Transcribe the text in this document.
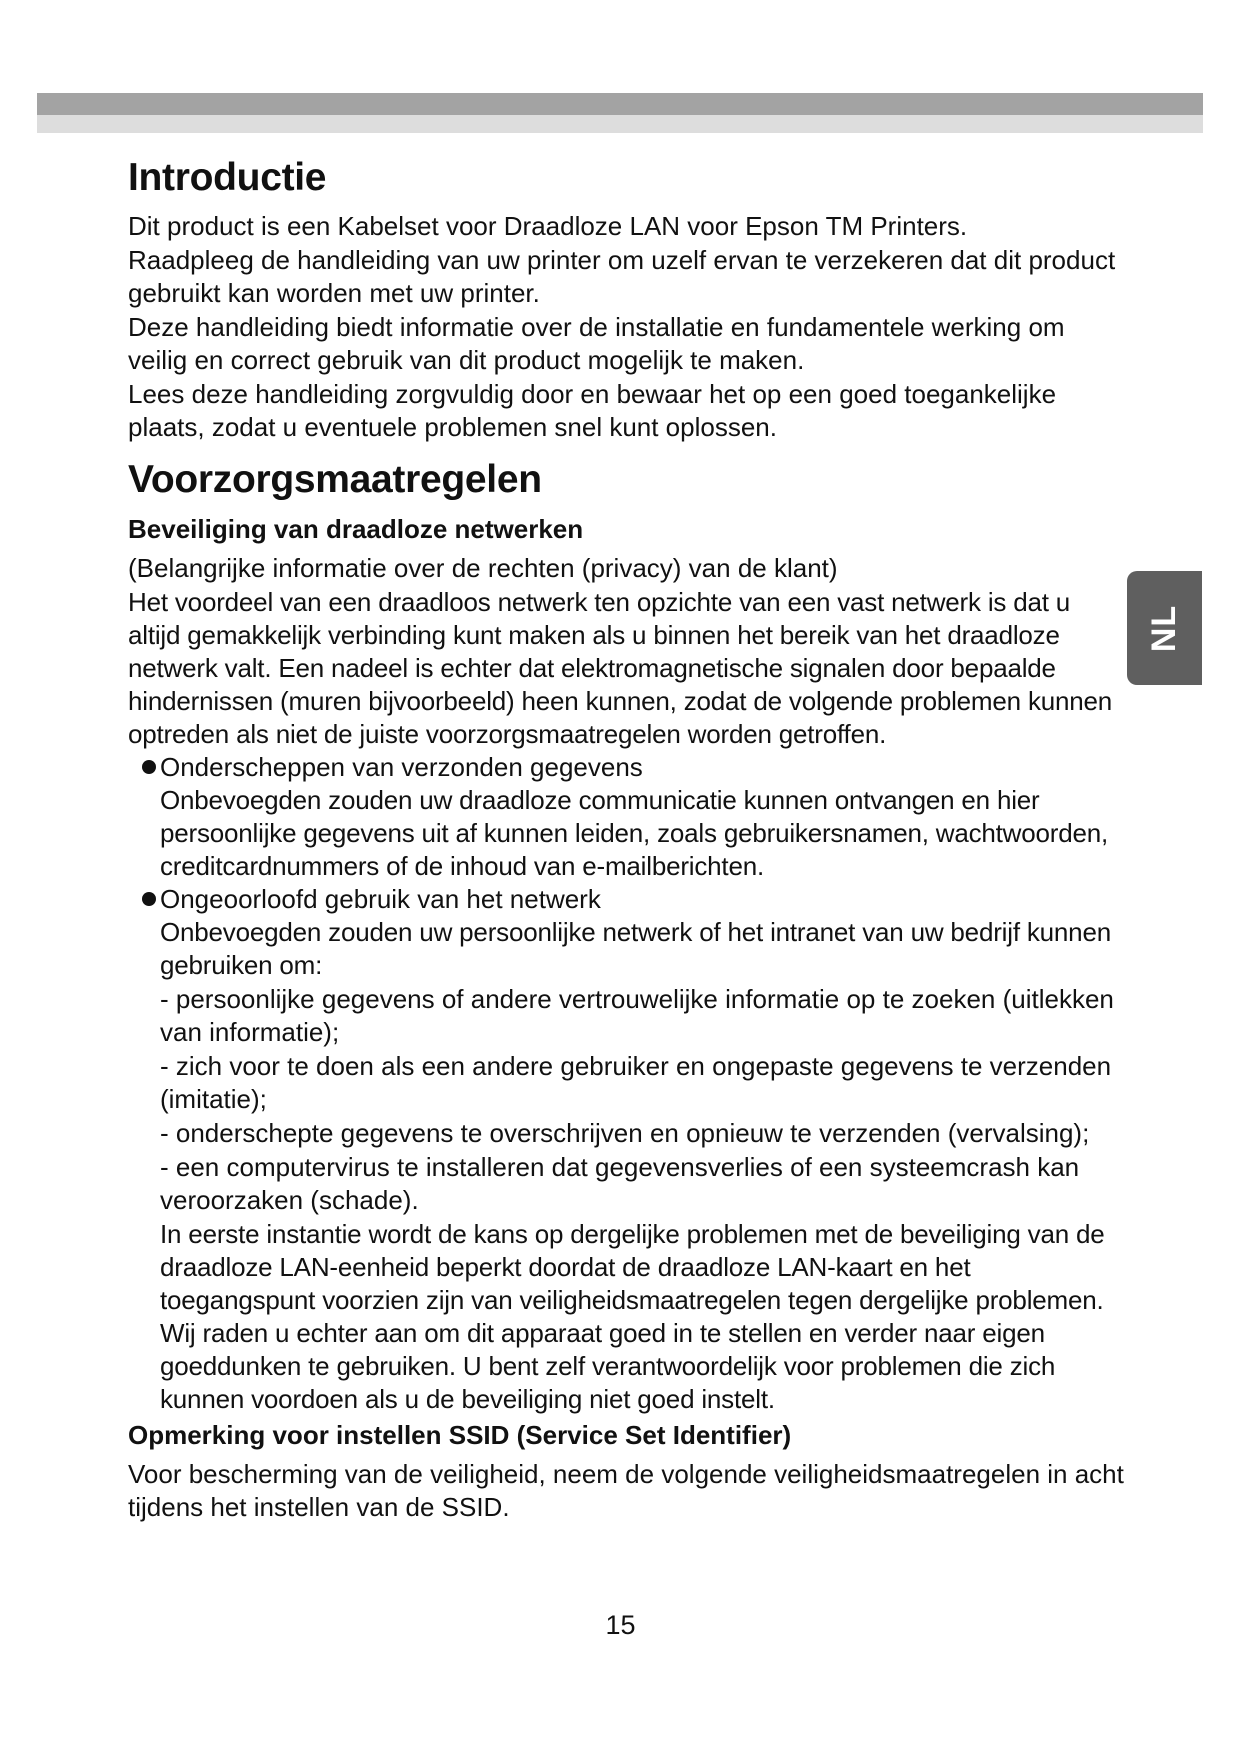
NL
Introductie

Dit product is een Kabelset voor Draadloze LAN voor Epson TM Printers.

Raadpleeg de handleiding van uw printer om uzelf ervan te verzekeren dat dit product gebruikt kan worden met uw printer.

Deze handleiding biedt informatie over de installatie en fundamentele werking om veilig en correct gebruik van dit product mogelijk te maken.

Lees deze handleiding zorgvuldig door en bewaar het op een goed toegankelijke plaats, zodat u eventuele problemen snel kunt oplossen.

Voorzorgsmaatregelen
Beveiliging van draadloze netwerken

(Belangrijke informatie over de rechten (privacy) van de klant)

Het voordeel van een draadloos netwerk ten opzichte van een vast netwerk is dat u altijd gemakkelijk verbinding kunt maken als u binnen het bereik van het draadloze netwerk valt. Een nadeel is echter dat elektromagnetische signalen door bepaalde hindernissen (muren bijvoorbeeld) heen kunnen, zodat de volgende problemen kunnen optreden als niet de juiste voorzorgsmaatregelen worden getroffen.

Onderscheppen van verzonden gegevens
Onbevoegden zouden uw draadloze communicatie kunnen ontvangen en hier persoonlijke gegevens uit af kunnen leiden, zoals gebruikersnamen, wachtwoorden, creditcardnummers of de inhoud van e-mailberichten.
Ongeoorloofd gebruik van het netwerk
Onbevoegden zouden uw persoonlijke netwerk of het intranet van uw bedrijf kunnen gebruiken om:
- persoonlijke gegevens of andere vertrouwelijke informatie op te zoeken (uitlekken van informatie);
- zich voor te doen als een andere gebruiker en ongepaste gegevens te verzenden (imitatie);
- onderschepte gegevens te overschrijven en opnieuw te verzenden (vervalsing);
- een computervirus te installeren dat gegevensverlies of een systeemcrash kan veroorzaken (schade).
In eerste instantie wordt de kans op dergelijke problemen met de beveiliging van de draadloze LAN-eenheid beperkt doordat de draadloze LAN-kaart en het toegangspunt voorzien zijn van veiligheidsmaatregelen tegen dergelijke problemen. Wij raden u echter aan om dit apparaat goed in te stellen en verder naar eigen goeddunken te gebruiken. U bent zelf verantwoordelijk voor problemen die zich kunnen voordoen als u de beveiliging niet goed instelt.
Opmerking voor instellen SSID (Service Set Identifier)

Voor bescherming van de veiligheid, neem de volgende veiligheidsmaatregelen in acht tijdens het instellen van de SSID.

15
